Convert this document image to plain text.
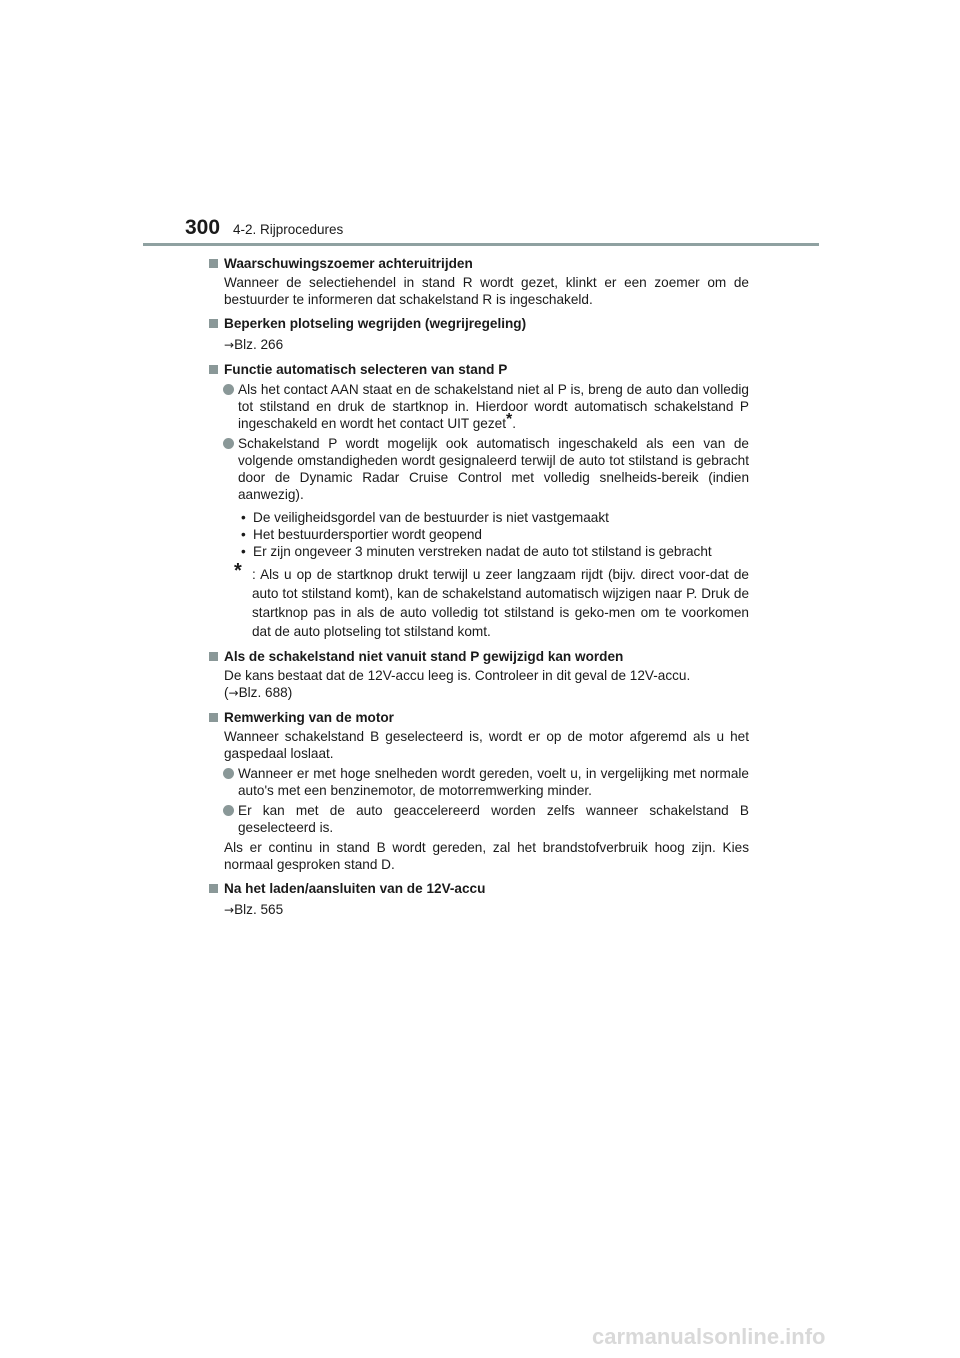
300 4-2. Rijprocedures
Waarschuwingszoemer achteruitrijden
Wanneer de selectiehendel in stand R wordt gezet, klinkt er een zoemer om de bestuurder te informeren dat schakelstand R is ingeschakeld.
Beperken plotseling wegrijden (wegrijregeling)
→Blz. 266
Functie automatisch selecteren van stand P
Als het contact AAN staat en de schakelstand niet al P is, breng de auto dan volledig tot stilstand en druk de startknop in. Hierdoor wordt automatisch schakelstand P ingeschakeld en wordt het contact UIT gezet*.
Schakelstand P wordt mogelijk ook automatisch ingeschakeld als een van de volgende omstandigheden wordt gesignaleerd terwijl de auto tot stilstand is gebracht door de Dynamic Radar Cruise Control met volledig snelheids-bereik (indien aanwezig).
• De veiligheidsgordel van de bestuurder is niet vastgemaakt
• Het bestuurdersportier wordt geopend
• Er zijn ongeveer 3 minuten verstreken nadat de auto tot stilstand is gebracht
* : Als u op de startknop drukt terwijl u zeer langzaam rijdt (bijv. direct voor-dat de auto tot stilstand komt), kan de schakelstand automatisch wijzigen naar P. Druk de startknop pas in als de auto volledig tot stilstand is geko-men om te voorkomen dat de auto plotseling tot stilstand komt.
Als de schakelstand niet vanuit stand P gewijzigd kan worden
De kans bestaat dat de 12V-accu leeg is. Controleer in dit geval de 12V-accu.
(→Blz. 688)
Remwerking van de motor
Wanneer schakelstand B geselecteerd is, wordt er op de motor afgeremd als u het gaspedaal loslaat.
Wanneer er met hoge snelheden wordt gereden, voelt u, in vergelijking met normale auto's met een benzinemotor, de motorremwerking minder.
Er kan met de auto geaccelereerd worden zelfs wanneer schakelstand B geselecteerd is.
Als er continu in stand B wordt gereden, zal het brandstofverbruik hoog zijn. Kies normaal gesproken stand D.
Na het laden/aansluiten van de 12V-accu
→Blz. 565
carmanualsonline.info
